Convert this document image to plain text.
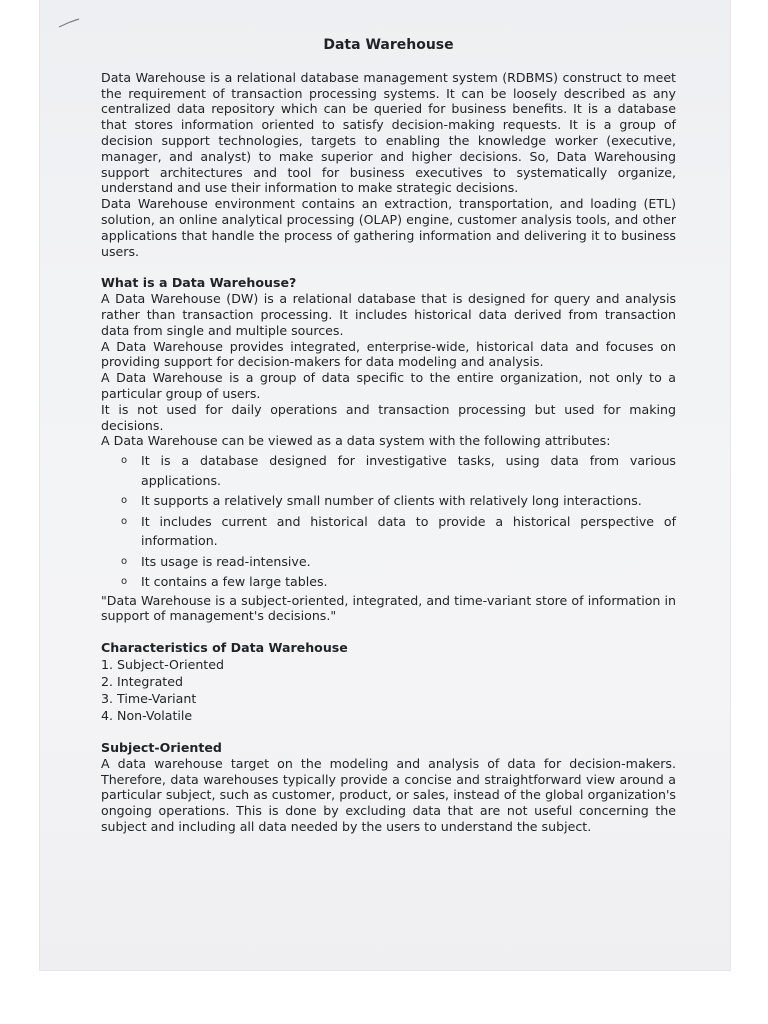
Data Warehouse

Data Warehouse is a relational database management system (RDBMS) construct to meet the requirement of transaction processing systems. It can be loosely described as any centralized data repository which can be queried for business benefits. It is a database that stores information oriented to satisfy decision-making requests. It is a group of decision support technologies, targets to enabling the knowledge worker (executive, manager, and analyst) to make superior and higher decisions. So, Data Warehousing support architectures and tool for business executives to systematically organize, understand and use their information to make strategic decisions.

Data Warehouse environment contains an extraction, transportation, and loading (ETL) solution, an online analytical processing (OLAP) engine, customer analysis tools, and other applications that handle the process of gathering information and delivering it to business users.

What is a Data Warehouse?

A Data Warehouse (DW) is a relational database that is designed for query and analysis rather than transaction processing. It includes historical data derived from transaction data from single and multiple sources.

A Data Warehouse provides integrated, enterprise-wide, historical data and focuses on providing support for decision-makers for data modeling and analysis.

A Data Warehouse is a group of data specific to the entire organization, not only to a particular group of users.

It is not used for daily operations and transaction processing but used for making decisions.

A Data Warehouse can be viewed as a data system with the following attributes:

o It is a database designed for investigative tasks, using data from various applications.
o It supports a relatively small number of clients with relatively long interactions.
o It includes current and historical data to provide a historical perspective of information.
o Its usage is read-intensive.
o It contains a few large tables.

"Data Warehouse is a subject-oriented, integrated, and time-variant store of information in support of management's decisions."

Characteristics of Data Warehouse
1. Subject-Oriented
2. Integrated
3. Time-Variant
4. Non-Volatile
Subject-Oriented

A data warehouse target on the modeling and analysis of data for decision-makers. Therefore, data warehouses typically provide a concise and straightforward view around a particular subject, such as customer, product, or sales, instead of the global organization's ongoing operations. This is done by excluding data that are not useful concerning the subject and including all data needed by the users to understand the subject.
